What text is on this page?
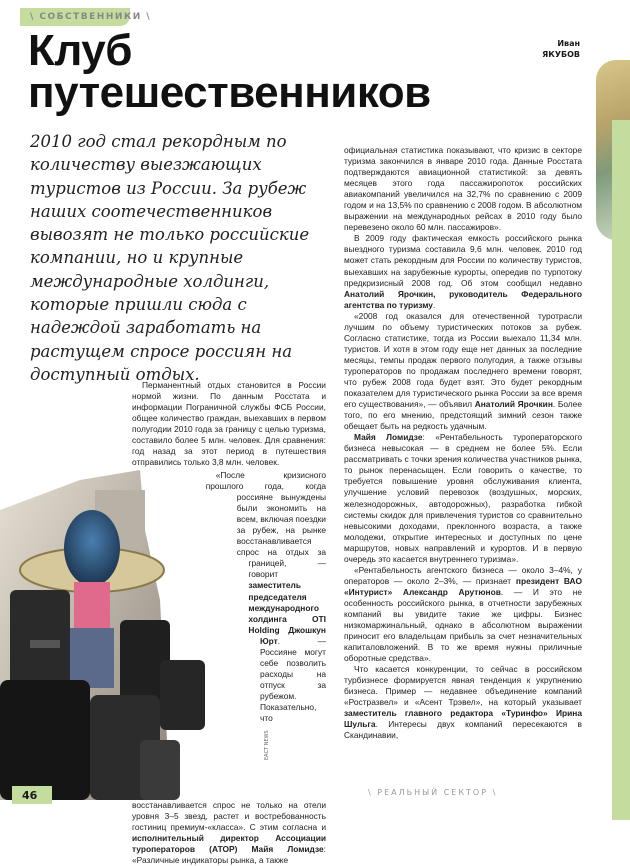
\ СОБСТВЕННИКИ \
Клуб
путешественников
Иван
ЯКУБОВ
2010 год стал рекордным по количеству выезжающих туристов из России. За рубеж наших соотечественников вывозят не только российские компании, но и крупные международные холдинги, которые пришли сюда с надеждой заработать на растущем спросе россиян на доступный отдых.
ЕАСТ NEWS

Перманентный отдых становится в России нормой жизни. По данным Росстата и информации Пограничной службы ФСБ России, общее количество граждан, выехавших в первом полугодии 2010 года за границу с целью туризма, составило более 5 млн. человек. Для сравнения: год назад за этот период в путешествия отправились только 3,8 млн. человек.

«После кризисного прошлого года, когда россияне вынуждены были экономить на всем, включая поездки за рубеж, на рынке восстанавливается спрос на отдых за границей, — говорит заместитель председателя международного холдинга OTI Holding Джошкун Юрт. — Россияне могут себе позволить расходы на отпуск за рубежом. Показательно, что восстанавливается спрос не только на отели уровня 3–5 звезд, растет и востребованность гостиниц премиум-«класса». С этим согласна и исполнительный директор Ассоциации туроператоров (АТОР) Майя Ломидзе: «Различные индикаторы рынка, а также

официальная статистика показывают, что кризис в секторе туризма закончился в январе 2010 года. Данные Росстата подтверждаются авиационной статистикой: за девять месяцев этого года пассажиропоток российских авиакомпаний увеличился на 32,7% по сравнению с 2009 годом и на 13,5% по сравнению с 2008 годом. В абсолютном выражении на международных рейсах в 2010 году было перевезено около 60 млн. пассажиров».

В 2009 году фактическая емкость российского рынка выездного туризма составила 9,6 млн. человек. 2010 год может стать рекордным для России по количеству туристов, выехавших на зарубежные курорты, опередив по турпотоку предкризисный 2008 год. Об этом сообщил недавно Анатолий Ярочкин, руководитель Федерального агентства по туризму.

«2008 год оказался для отечественной туротрасли лучшим по объему туристических потоков за рубеж. Согласно статистике, тогда из России выехало 11,34 млн. туристов. И хотя в этом году еще нет данных за последние месяцы, темпы продаж первого полугодия, а также отзывы туроператоров по продажам последнего времени говорят, что рубеж 2008 года будет взят. Это будет рекордным показателем для туристического рынка России за все время его существования», — объявил Анатолий Ярочкин. Более того, по его мнению, предстоящий зимний сезон также обещает быть на редкость удачным.

Майя Ломидзе: «Рентабельность туроператорского бизнеса невысокая — в среднем не более 5%. Если рассматривать с точки зрения количества участников рынка, то рынок перенасыщен. Если говорить о качестве, то требуется повышение уровня обслуживания клиента, улучшение условий перевозок (воздушных, морских, железнодорожных, автодорожных), разработка гибкой системы скидок для привлечения туристов со сравнительно невысокими доходами, преклонного возраста, а также молодежи, открытие интересных и доступных по цене маршрутов, новых направлений и курортов. И в первую очередь это касается внутреннего туризма».

«Рентабельность агентского бизнеса — около 3–4%, у операторов — около 2–3%, — признает президент ВАО «Интурист» Александр Арутюнов. — И это не особенность российского рынка, в отчетности зарубежных компаний вы увидите такие же цифры. Бизнес низкомаржинальный, однако в абсолютном выражении приносит его владельцам прибыль за счет незначительных капиталовложений. В то же время нужны приличные оборотные средства».

Что касается конкуренции, то сейчас в российском турбизнесе формируется явная тенденция к укрупнению бизнеса. Пример — недавнее объединение компаний «Ростразвел» и «Асент Трэвел», на который указывает заместитель главного редактора «Туринфо» Ирина Шульга. Интересы двух компаний пересекаются в Скандинавии,

46	\ РЕАЛЬНЫЙ СЕКТОР \
